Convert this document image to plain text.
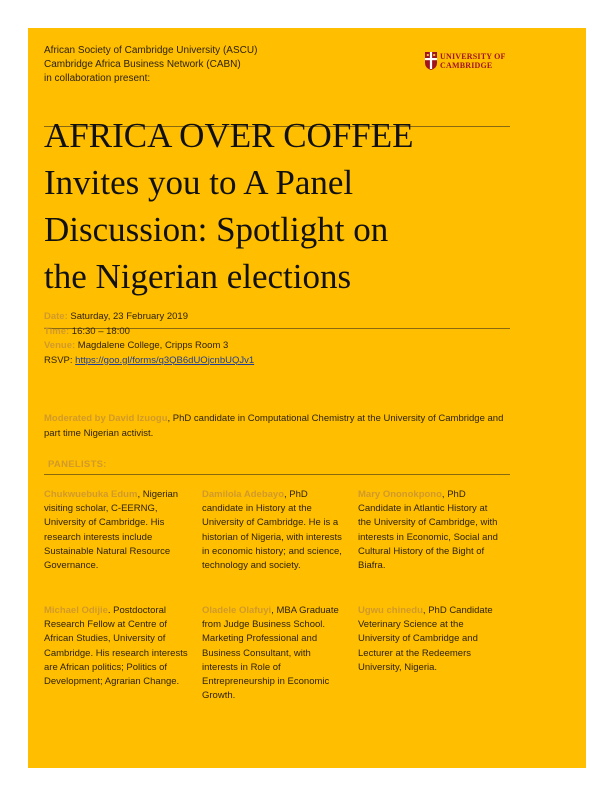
African Society of Cambridge University (ASCU)
Cambridge Africa Business Network (CABN)
in collaboration present:
UNIVERSITY OF
CAMBRIDGE
AFRICA OVER COFFEE
Invites you to A Panel
Discussion: Spotlight on
the Nigerian elections
Date: Saturday, 23 February 2019
Time: 16:30 – 18:00
Venue: Magdalene College, Cripps Room 3
RSVP: https://goo.gl/forms/q3QB6dUOjcnbUQJv1
Moderated by David Izuogu, PhD candidate in Computational Chemistry at the University of Cambridge and part time Nigerian activist.
PANELISTS:
Chukwuebuka Edum, Nigerian visiting scholar, C-EERNG, University of Cambridge. His research interests include Sustainable Natural Resource Governance.
Damilola Adebayo, PhD candidate in History at the University of Cambridge. He is a historian of Nigeria, with interests in economic history; and science, technology and society.
Mary Ononokpono, PhD Candidate in Atlantic History at the University of Cambridge, with interests in Economic, Social and Cultural History of the Bight of Biafra.
Michael Odijie. Postdoctoral Research Fellow at Centre of African Studies, University of Cambridge. His research interests are African politics; Politics of Development; Agrarian Change.
Oladele Olafuyi, MBA Graduate from Judge Business School. Marketing Professional and Business Consultant, with interests in Role of Entrepreneurship in Economic Growth.
Ugwu chinedu, PhD Candidate Veterinary Science at the University of Cambridge and Lecturer at the Redeemers University, Nigeria.
